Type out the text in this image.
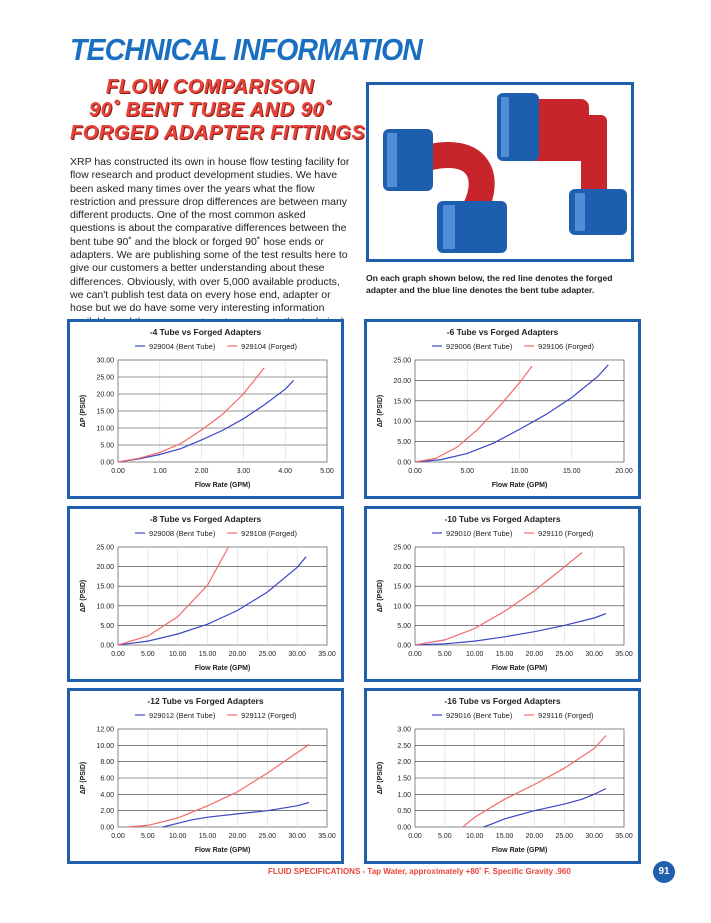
TECHNICAL INFORMATION
FLOW COMPARISON
90˚ BENT TUBE AND 90˚
FORGED ADAPTER FITTINGS

XRP has constructed its own in house flow testing facility for flow research and product development studies. We have been asked many times over the years what the flow restriction and pressure drop differences are between many different products. One of the most common asked questions is about the comparative differences between the bent tube 90˚ and the block or forged 90˚ hose ends or adapters. We are publishing some of the test results here to give our customers a better understanding about these differences. Obviously, with over 5,000 available products, we can't publish test data on every hose end, adapter or hose but we do have some very interesting information

On each graph shown below, the red line denotes the forged adapter and the blue line denotes the bent tube adapter.

-4 Tube vs Forged Adapters
929004 (Bent Tube)	929104 (Forged)
0.00	1.00	2.00	3.00	4.00	5.00
0.00
5.00
10.00
15.00
20.00
25.00
30.00
Flow Rate (GPM)
ΔP (PSID)
-6 Tube vs Forged Adapters
929006 (Bent Tube)	929106 (Forged)
0.00	5.00	10.00	15.00	20.00
0.00
5.00
10.00
15.00
20.00
25.00
Flow Rate (GPM)
ΔP (PSID)
-8 Tube vs Forged Adapters
929008 (Bent Tube)	929108 (Forged)
0.00 5.00 10.00 15.00 20.00 25.00 30.00 35.00
0.00
5.00
10.00
15.00
20.00
25.00
Flow Rate (GPM)
ΔP (PSID)
-10 Tube vs Forged Adapters
929010 (Bent Tube)	929110 (Forged)
0.00 5.00 10.00 15.00 20.00 25.00 30.00 35.00
0.00
5.00
10.00
15.00
20.00
25.00
Flow Rate (GPM)
ΔP (PSID)
-12 Tube vs Forged Adapters
929012 (Bent Tube)	929112 (Forged)
0.00 5.00 10.00 15.00 20.00 25.00 30.00 35.00
0.00
2.00
4.00
6.00
8.00
10.00
12.00
Flow Rate (GPM)
ΔP (PSID)
-16 Tube vs Forged Adapters
929016 (Bent Tube)	929116 (Forged)
0.00 5.00 10.00 15.00 20.00 25.00 30.00 35.00
0.00
0.50
1.00
1.50
2.00
2.50
3.00
Flow Rate (GPM)
ΔP (PSID)

FLUID SPECIFICATIONS - Tap Water, approximately +80˚ F. Specific Gravity .960	91
